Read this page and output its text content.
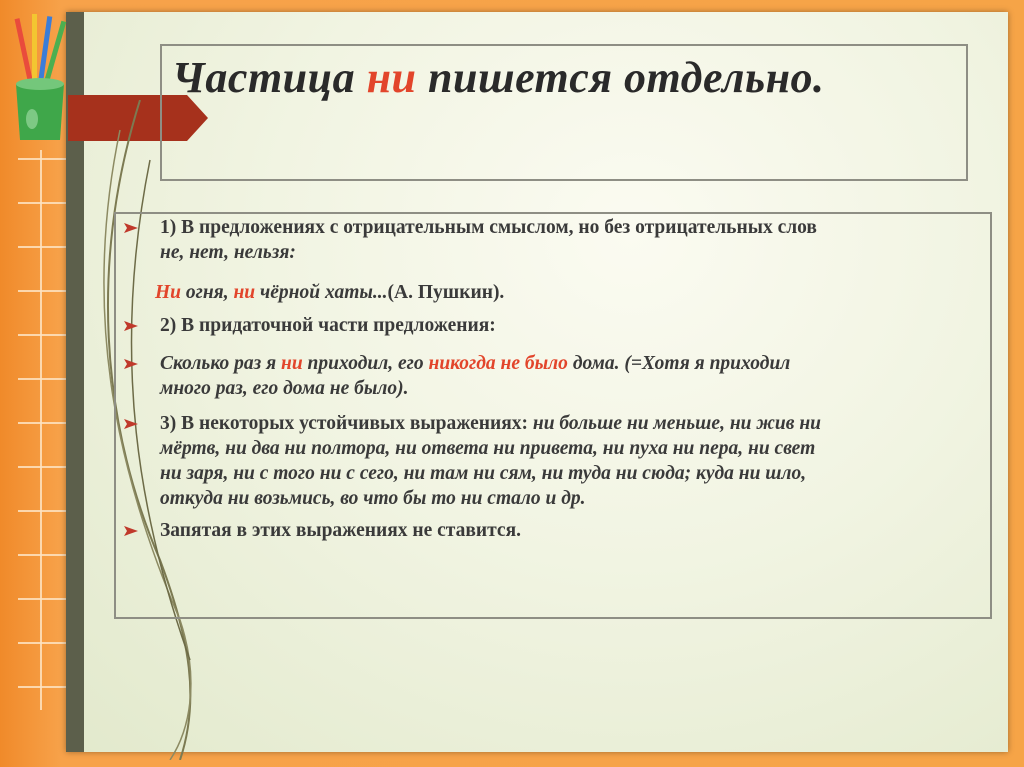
Частица ни пишется отдельно.

1) В предложениях с отрицательным смыслом, но без отрицательных слов

не, нет, нельзя:

Ни огня, ни чёрной хаты...(А. Пушкин).

2) В придаточной части предложения:

Сколько раз я ни приходил, его никогда не было дома. (=Хотя я приходил

много раз, его дома не было).

3) В некоторых устойчивых выражениях: ни больше ни меньше, ни жив ни

мёртв, ни два ни полтора, ни ответа ни привета, ни пуха ни пера, ни свет

ни заря, ни с того ни с сего, ни там ни сям, ни туда ни сюда; куда ни шло,

откуда ни возьмись, во что бы то ни стало и др.

Запятая в этих выражениях не ставится.
